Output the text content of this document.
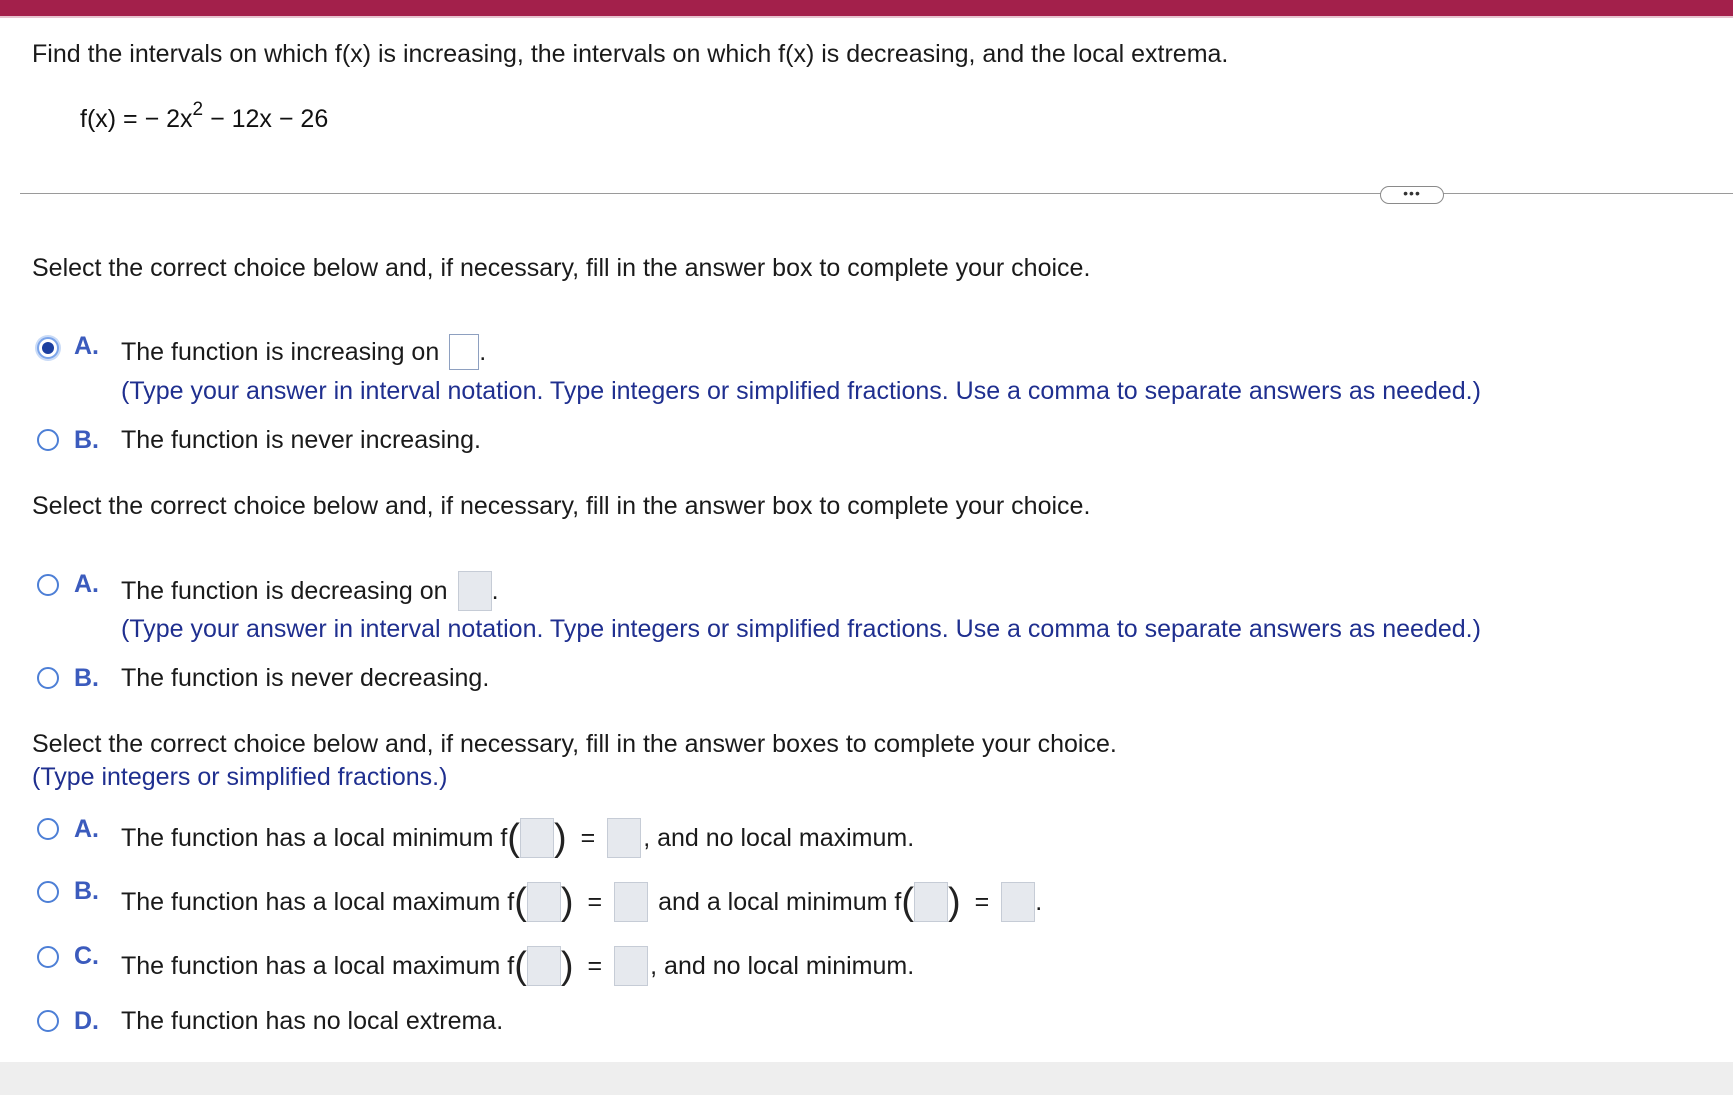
Find the intervals on which f(x) is increasing, the intervals on which f(x) is decreasing, and the local extrema.
f(x) = − $2x^2 - 12x - 26$
•••
Select the correct choice below and, if necessary, fill in the answer box to complete your choice.
A. The function is increasing on .
(Type your answer in interval notation. Type integers or simplified fractions. Use a comma to separate answers as needed.)
B. The function is never increasing.
Select the correct choice below and, if necessary, fill in the answer box to complete your choice.
A. The function is decreasing on .
(Type your answer in interval notation. Type integers or simplified fractions. Use a comma to separate answers as needed.)
B. The function is never decreasing.
Select the correct choice below and, if necessary, fill in the answer boxes to complete your choice.
(Type integers or simplified fractions.)
A. The function has a local minimum f ( ) = , and no local maximum.
B. The function has a local maximum f ( ) = and a local minimum f ( ) = .
C. The function has a local maximum f ( ) = , and no local minimum.
D. The function has no local extrema.
